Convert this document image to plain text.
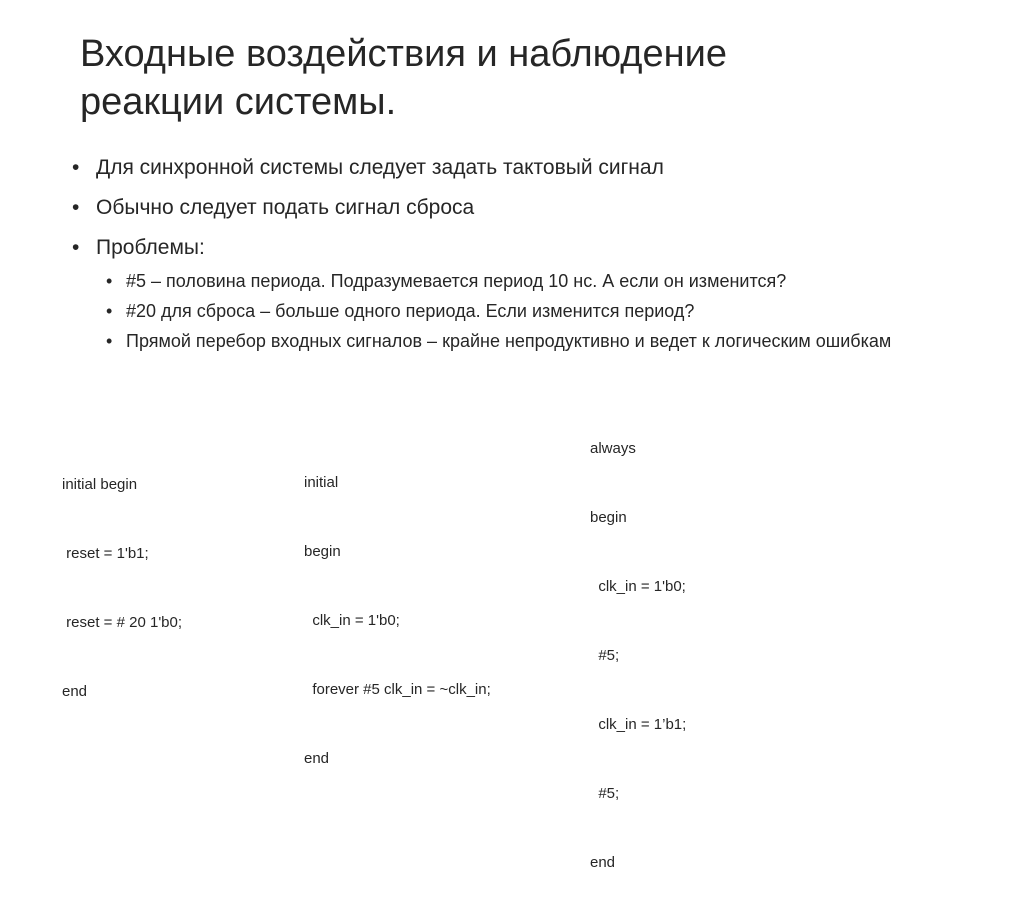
Входные воздействия и наблюдение
реакции системы.
• Для синхронной системы следует задать тактовый сигнал
• Обычно следует подать сигнал сброса
• Проблемы:
• #5 – половина периода. Подразумевается период 10 нс. А если он изменится?
• #20 для сброса – больше одного периода. Если изменится период?
• Прямой перебор входных сигналов – крайне непродуктивно и ведет к логическим ошибкам

initial begin

reset = 1'b1;

reset = # 20 1'b0;

end

initial

begin

clk_in = 1'b0;

forever #5 clk_in = ~clk_in;

end

always

begin

clk_in = 1'b0;

#5;

clk_in = 1’b1;

#5;

end
